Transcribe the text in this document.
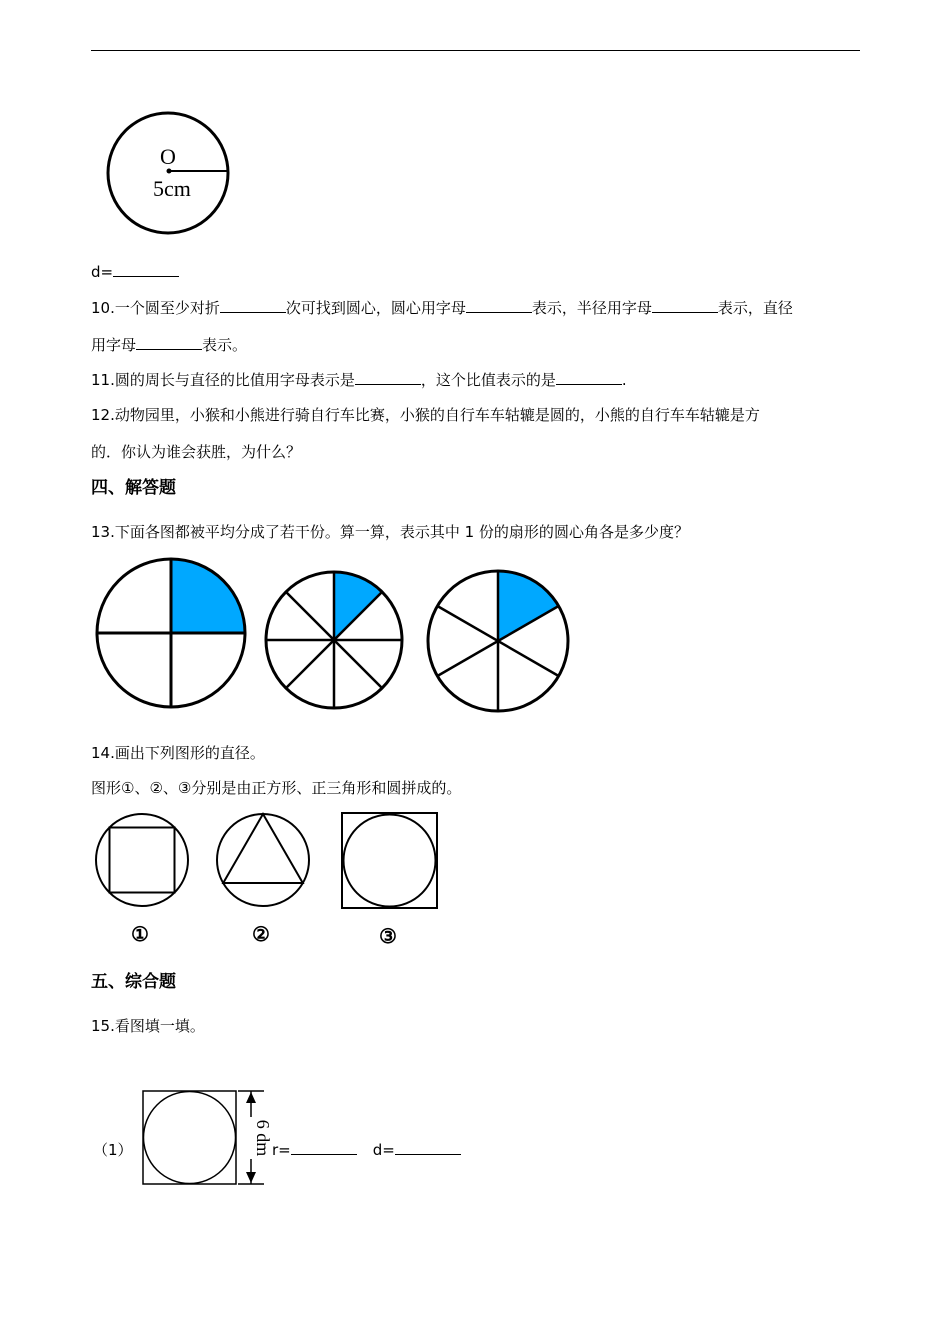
O
5cm
d=
10.一个圆至少对折	次可找到圆心，圆心用字母	表示，半径用字母	表示，直径
用字母	表示。
11.圆的周长与直径的比值用字母表示是	，这个比值表示的是	.
12.动物园里，小猴和小熊进行骑自行车比赛，小猴的自行车车轱辘是圆的，小熊的自行车车轱辘是方
的．你认为谁会获胜，为什么？
四、解答题
13.下面各图都被平均分成了若干份。算一算，表示其中 1 份的扇形的圆心角各是多少度？
14.画出下列图形的直径。
图形①、②、③分别是由正方形、正三角形和圆拼成的。
①	②	③
五、综合题
15.看图填一填。
（1）	6 dm r=	d=
